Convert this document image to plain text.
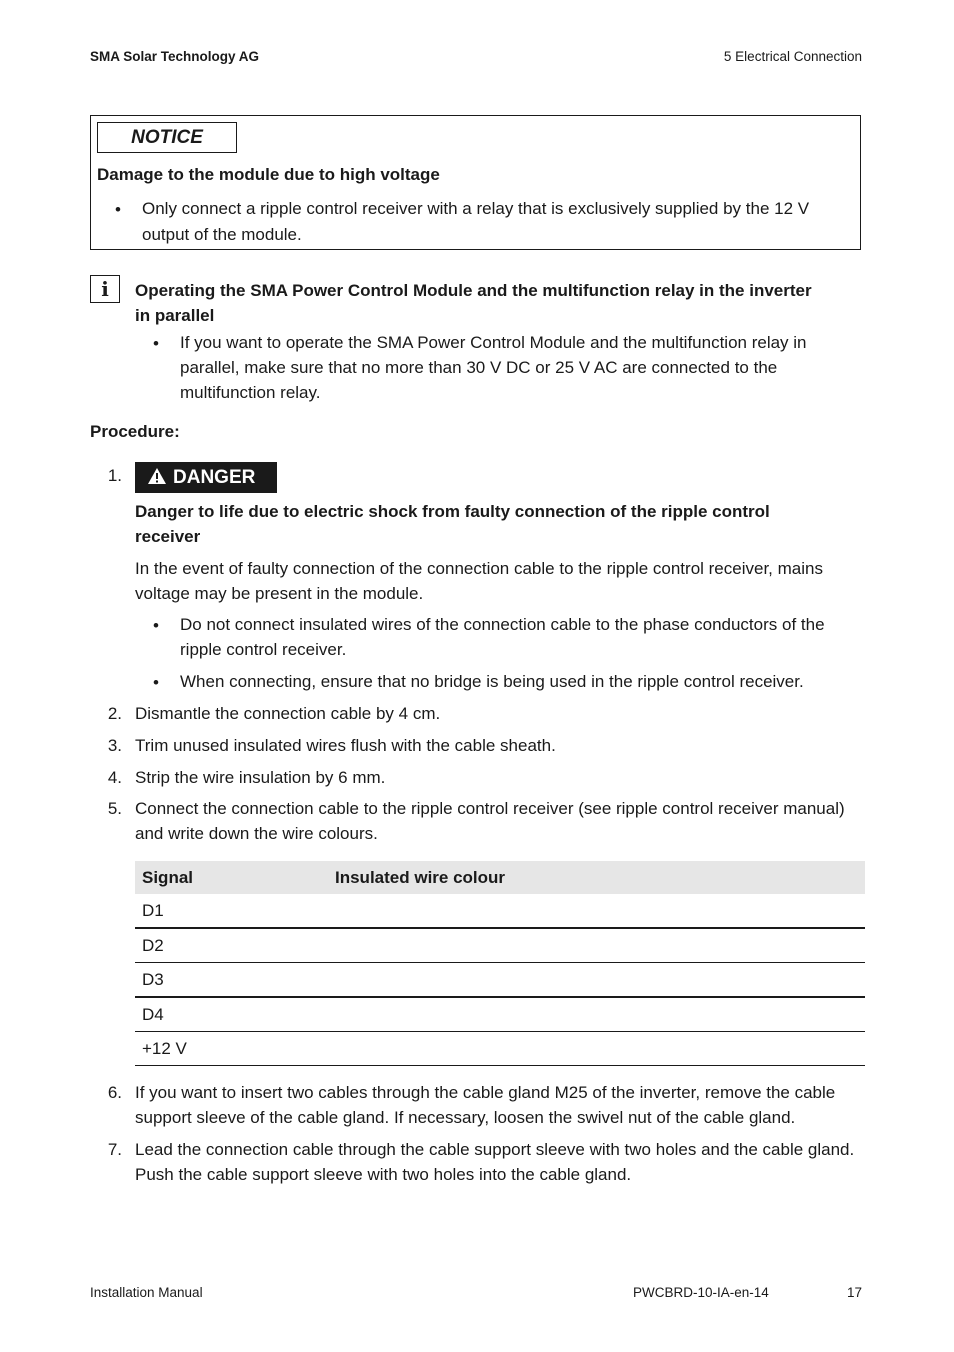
SMA Solar Technology AG	5 Electrical Connection
NOTICE
Damage to the module due to high voltage
• Only connect a ripple control receiver with a relay that is exclusively supplied by the 12 V
output of the module.
i	Operating the SMA Power Control Module and the multifunction relay in the inverter
in parallel
• If you want to operate the SMA Power Control Module and the multifunction relay in
parallel, make sure that no more than 30 V DC or 25 V AC are connected to the
multifunction relay.
Procedure:
1.	DANGER
Danger to life due to electric shock from faulty connection of the ripple control
receiver
In the event of faulty connection of the connection cable to the ripple control receiver, mains
voltage may be present in the module.
• Do not connect insulated wires of the connection cable to the phase conductors of the
ripple control receiver.
• When connecting, ensure that no bridge is being used in the ripple control receiver.
2. Dismantle the connection cable by 4 cm.
3. Trim unused insulated wires flush with the cable sheath.
4. Strip the wire insulation by 6 mm.
5. Connect the connection cable to the ripple control receiver (see ripple control receiver manual)
and write down the wire colours.
Signal	Insulated wire colour
D1	
D2	
D3	
D4	
+12 V	
6. If you want to insert two cables through the cable gland M25 of the inverter, remove the cable
support sleeve of the cable gland. If necessary, loosen the swivel nut of the cable gland.
7. Lead the connection cable through the cable support sleeve with two holes and the cable gland.
Push the cable support sleeve with two holes into the cable gland.
Installation Manual	PWCBRD-10-IA-en-14	17
